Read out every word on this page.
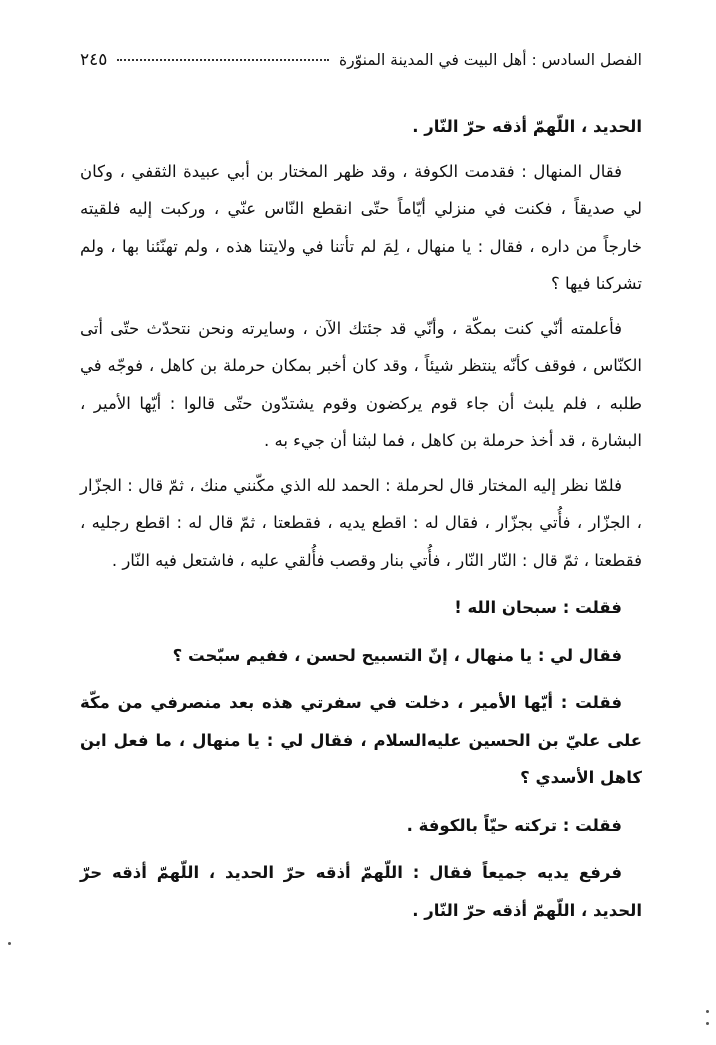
الفصل السادس : أهل البيت في المدينة المنوّرة
٢٤٥

الحديد ، اللّهمّ أذقه حرّ النّار .

فقال المنهال : فقدمت الكوفة ، وقد ظهر المختار بن أبي عبيدة الثقفي ، وكان لي صديقاً ، فكنت في منزلي أيّاماً حتّى انقطع النّاس عنّي ، وركبت إليه فلقيته خارجاً من داره ، فقال : يا منهال ، لِمَ لم تأتنا في ولايتنا هذه ، ولم تهنّئنا بها ، ولم تشركنا فيها ؟

فأعلمته أنّي كنت بمكّة ، وأنّي قد جئتك الآن ، وسايرته ونحن نتحدّث حتّى أتى الكنّاس ، فوقف كأنّه ينتظر شيئاً ، وقد كان أخبر بمكان حرملة بن كاهل ، فوجّه في طلبه ، فلم يلبث أن جاء قوم يركضون وقوم يشتدّون حتّى قالوا : أيّها الأمير ، البشارة ، قد أخذ حرملة بن كاهل ، فما لبثنا أن جيء به .

فلمّا نظر إليه المختار قال لحرملة : الحمد لله الذي مكّنني منك ، ثمّ قال : الجزّار ، الجزّار ، فأُتي بجزّار ، فقال له : اقطع يديه ، فقطعتا ، ثمّ قال له : اقطع رجليه ، فقطعتا ، ثمّ قال : النّار النّار ، فأُتي بنار وقصب فأُلقي عليه ، فاشتعل فيه النّار .

فقلت : سبحان الله !

فقال لي : يا منهال ، إنّ التسبيح لحسن ، ففيم سبّحت ؟

فقلت : أيّها الأمير ، دخلت في سفرتي هذه بعد منصرفي من مكّة على عليّ بن الحسين عليه‌السلام ، فقال لي : يا منهال ، ما فعل ابن كاهل الأسدي ؟

فقلت : تركته حيّاً بالكوفة .

فرفع يديه جميعاً فقال : اللّهمّ أذقه حرّ الحديد ، اللّهمّ أذقه حرّ الحديد ، اللّهمّ أذقه حرّ النّار .
